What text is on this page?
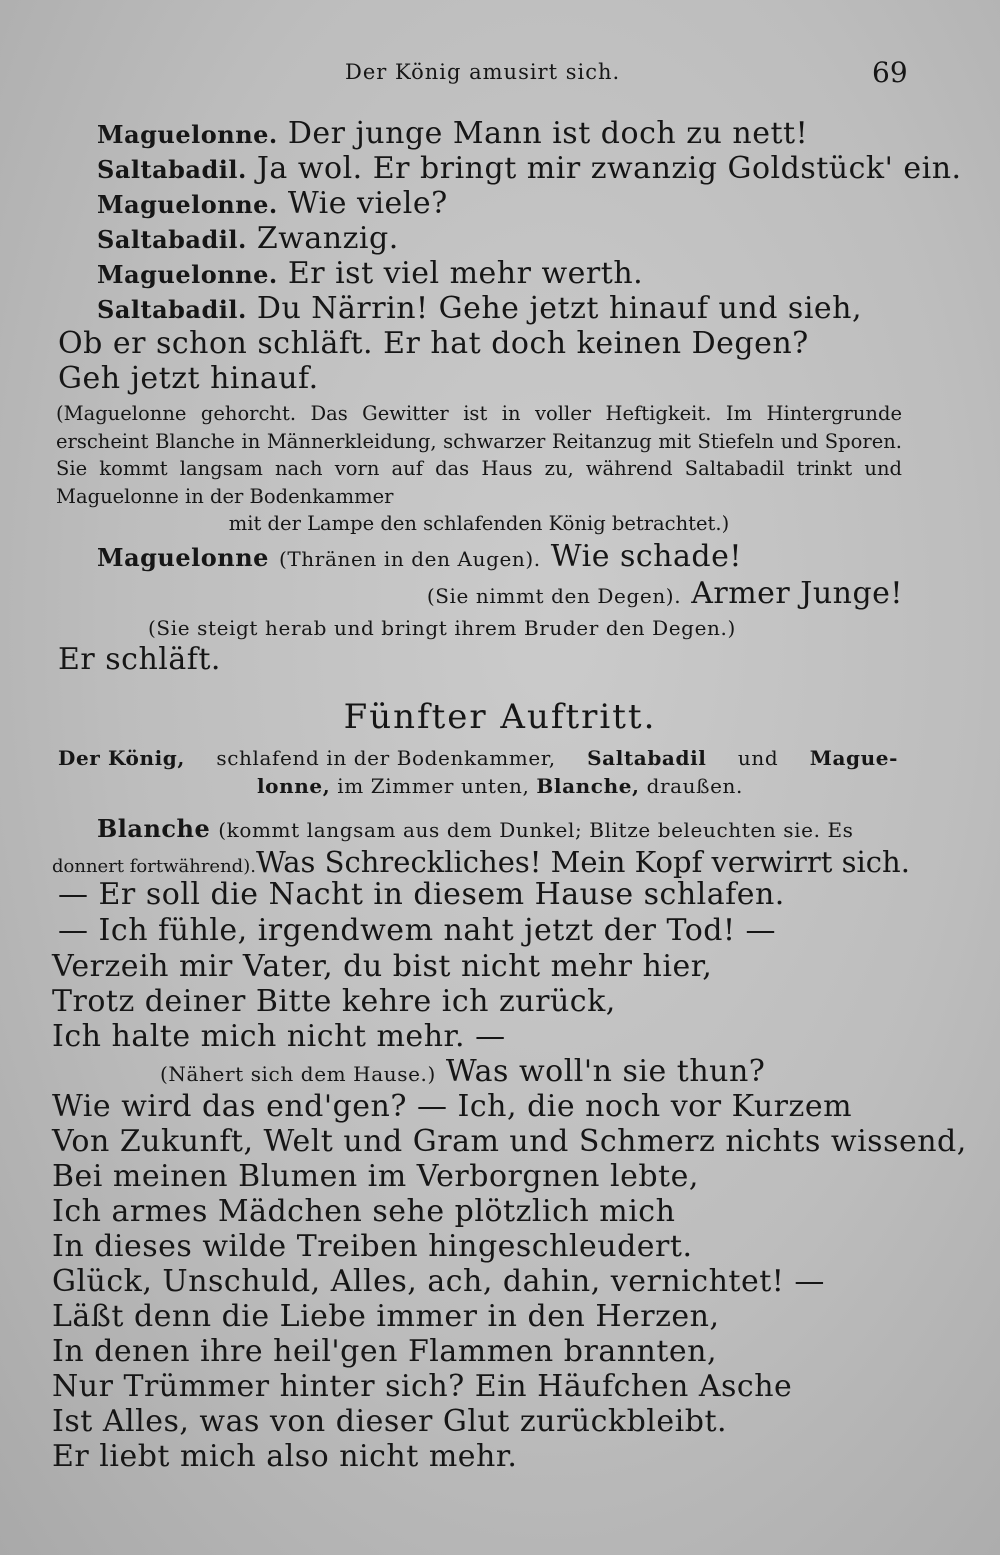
Der König amusirt sich.	69
Maguelonne. Der junge Mann ist doch zu nett!
Saltabadil. Ja wol. Er bringt mir zwanzig Goldstück' ein.
Maguelonne. Wie viele?
Saltabadil. Zwanzig.
Maguelonne. Er ist viel mehr werth.
Saltabadil. Du Närrin! Gehe jetzt hinauf und sieh,
Ob er schon schläft. Er hat doch keinen Degen?
Geh jetzt hinauf.
(Maguelonne gehorcht. Das Gewitter ist in voller Heftigkeit. Im Hintergrunde erscheint Blanche in Männerkleidung, schwarzer Reitanzug mit Stiefeln und Sporen. Sie kommt langsam nach vorn auf das Haus zu, während Saltabadil trinkt und Maguelonne in der Bodenkammer
mit der Lampe den schlafenden König betrachtet.)
Maguelonne (Thränen in den Augen). Wie schade!
(Sie nimmt den Degen). Armer Junge!
(Sie steigt herab und bringt ihrem Bruder den Degen.)
Er schläft.
Fünfter Auftritt.
Der König, schlafend in der Bodenkammer, Saltabadil und Mague-
lonne, im Zimmer unten, Blanche, draußen.
Blanche (kommt langsam aus dem Dunkel; Blitze beleuchten sie. Es
donnert fortwährend).Was Schreckliches! Mein Kopf verwirrt sich.
— Er soll die Nacht in diesem Hause schlafen.
— Ich fühle, irgendwem naht jetzt der Tod! —
Verzeih mir Vater, du bist nicht mehr hier,
Trotz deiner Bitte kehre ich zurück,
Ich halte mich nicht mehr. —
(Nähert sich dem Hause.) Was woll'n sie thun?
Wie wird das end'gen? — Ich, die noch vor Kurzem
Von Zukunft, Welt und Gram und Schmerz nichts wissend,
Bei meinen Blumen im Verborgnen lebte,
Ich armes Mädchen sehe plötzlich mich
In dieses wilde Treiben hingeschleudert.
Glück, Unschuld, Alles, ach, dahin, vernichtet! —
Läßt denn die Liebe immer in den Herzen,
In denen ihre heil'gen Flammen brannten,
Nur Trümmer hinter sich? Ein Häufchen Asche
Ist Alles, was von dieser Glut zurückbleibt.
Er liebt mich also nicht mehr.
